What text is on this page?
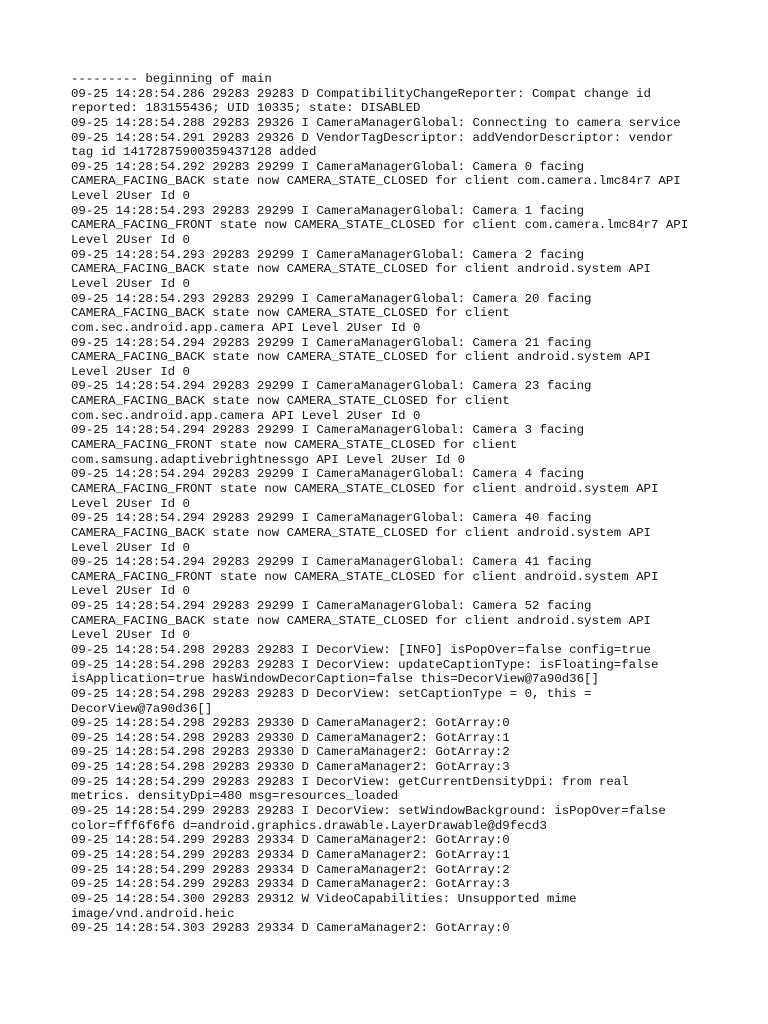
--------- beginning of main
09-25 14:28:54.286 29283 29283 D CompatibilityChangeReporter: Compat change id
reported: 183155436; UID 10335; state: DISABLED
09-25 14:28:54.288 29283 29326 I CameraManagerGlobal: Connecting to camera service
09-25 14:28:54.291 29283 29326 D VendorTagDescriptor: addVendorDescriptor: vendor
tag id 14172875900359437128 added
09-25 14:28:54.292 29283 29299 I CameraManagerGlobal: Camera 0 facing
CAMERA_FACING_BACK state now CAMERA_STATE_CLOSED for client com.camera.lmc84r7 API
Level 2User Id 0
09-25 14:28:54.293 29283 29299 I CameraManagerGlobal: Camera 1 facing
CAMERA_FACING_FRONT state now CAMERA_STATE_CLOSED for client com.camera.lmc84r7 API
Level 2User Id 0
09-25 14:28:54.293 29283 29299 I CameraManagerGlobal: Camera 2 facing
CAMERA_FACING_BACK state now CAMERA_STATE_CLOSED for client android.system API
Level 2User Id 0
09-25 14:28:54.293 29283 29299 I CameraManagerGlobal: Camera 20 facing
CAMERA_FACING_BACK state now CAMERA_STATE_CLOSED for client
com.sec.android.app.camera API Level 2User Id 0
09-25 14:28:54.294 29283 29299 I CameraManagerGlobal: Camera 21 facing
CAMERA_FACING_BACK state now CAMERA_STATE_CLOSED for client android.system API
Level 2User Id 0
09-25 14:28:54.294 29283 29299 I CameraManagerGlobal: Camera 23 facing
CAMERA_FACING_BACK state now CAMERA_STATE_CLOSED for client
com.sec.android.app.camera API Level 2User Id 0
09-25 14:28:54.294 29283 29299 I CameraManagerGlobal: Camera 3 facing
CAMERA_FACING_FRONT state now CAMERA_STATE_CLOSED for client
com.samsung.adaptivebrightnessgo API Level 2User Id 0
09-25 14:28:54.294 29283 29299 I CameraManagerGlobal: Camera 4 facing
CAMERA_FACING_FRONT state now CAMERA_STATE_CLOSED for client android.system API
Level 2User Id 0
09-25 14:28:54.294 29283 29299 I CameraManagerGlobal: Camera 40 facing
CAMERA_FACING_BACK state now CAMERA_STATE_CLOSED for client android.system API
Level 2User Id 0
09-25 14:28:54.294 29283 29299 I CameraManagerGlobal: Camera 41 facing
CAMERA_FACING_FRONT state now CAMERA_STATE_CLOSED for client android.system API
Level 2User Id 0
09-25 14:28:54.294 29283 29299 I CameraManagerGlobal: Camera 52 facing
CAMERA_FACING_BACK state now CAMERA_STATE_CLOSED for client android.system API
Level 2User Id 0
09-25 14:28:54.298 29283 29283 I DecorView: [INFO] isPopOver=false config=true
09-25 14:28:54.298 29283 29283 I DecorView: updateCaptionType: isFloating=false
isApplication=true hasWindowDecorCaption=false this=DecorView@7a90d36[]
09-25 14:28:54.298 29283 29283 D DecorView: setCaptionType = 0, this =
DecorView@7a90d36[]
09-25 14:28:54.298 29283 29330 D CameraManager2: GotArray:0
09-25 14:28:54.298 29283 29330 D CameraManager2: GotArray:1
09-25 14:28:54.298 29283 29330 D CameraManager2: GotArray:2
09-25 14:28:54.298 29283 29330 D CameraManager2: GotArray:3
09-25 14:28:54.299 29283 29283 I DecorView: getCurrentDensityDpi: from real
metrics. densityDpi=480 msg=resources_loaded
09-25 14:28:54.299 29283 29283 I DecorView: setWindowBackground: isPopOver=false
color=fff6f6f6 d=android.graphics.drawable.LayerDrawable@d9fecd3
09-25 14:28:54.299 29283 29334 D CameraManager2: GotArray:0
09-25 14:28:54.299 29283 29334 D CameraManager2: GotArray:1
09-25 14:28:54.299 29283 29334 D CameraManager2: GotArray:2
09-25 14:28:54.299 29283 29334 D CameraManager2: GotArray:3
09-25 14:28:54.300 29283 29312 W VideoCapabilities: Unsupported mime
image/vnd.android.heic
09-25 14:28:54.303 29283 29334 D CameraManager2: GotArray:0
